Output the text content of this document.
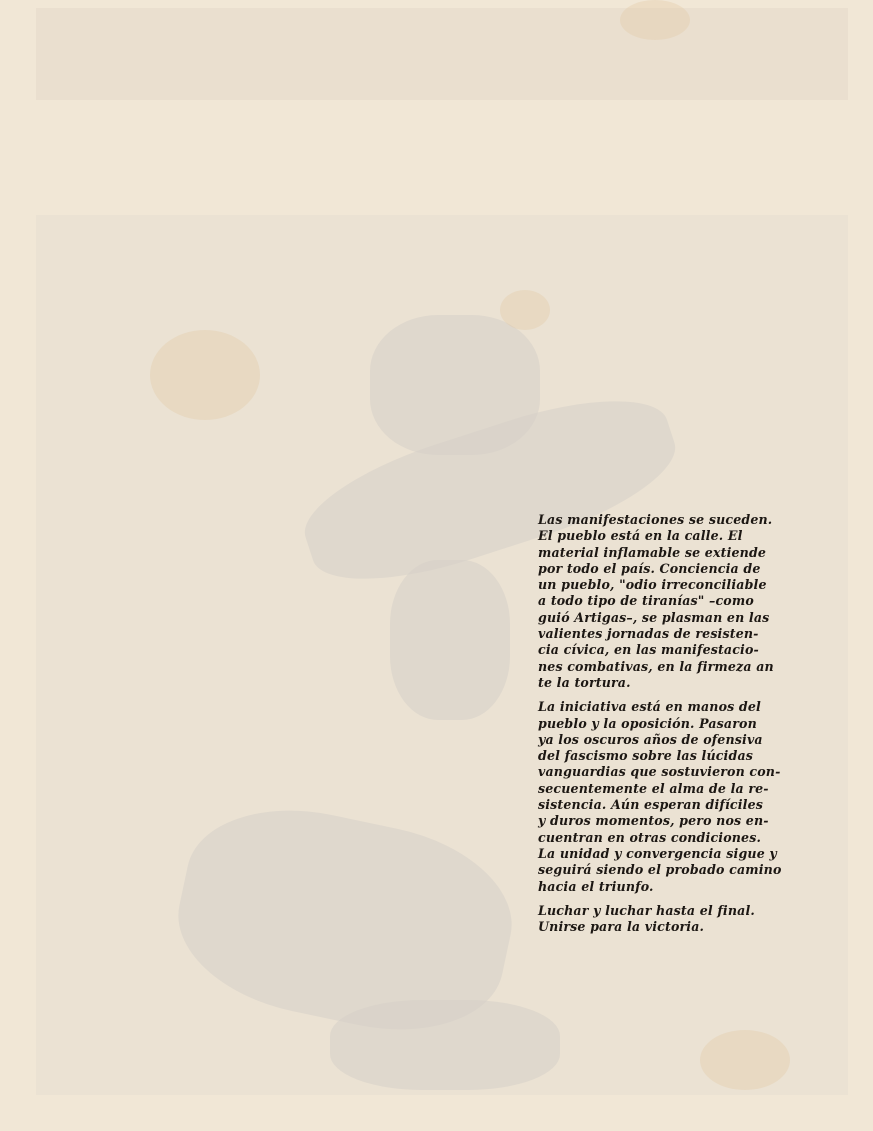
Las manifestaciones se suceden.
El pueblo está en la calle. El
material inflamable se extiende
por todo el país. Conciencia de
un pueblo, "odio irreconciliable
a todo tipo de tiranías" –como
guió Artigas–, se plasman en las
valientes jornadas de resisten-
cia cívica, en las manifestacio-
nes combativas, en la firmeza an
te la tortura.

La iniciativa está en manos del
pueblo y la oposición. Pasaron
ya los oscuros años de ofensiva
del fascismo sobre las lúcidas
vanguardias que sostuvieron con-
secuentemente el alma de la re-
sistencia. Aún esperan difíciles
y duros momentos, pero nos en-
cuentran en otras condiciones.
La unidad y convergencia sigue y
seguirá siendo el probado camino
hacia el triunfo.

Luchar y luchar hasta el final.
Unirse para la victoria.
